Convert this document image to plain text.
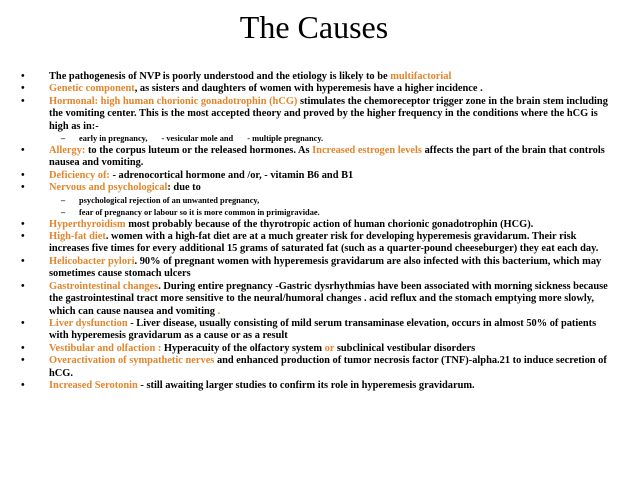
The Causes
• The pathogenesis of NVP is poorly understood and the etiology is likely to be multifactorial
• Genetic component, as sisters and daughters of women with hyperemesis have a higher incidence .
• Hormonal: high human chorionic gonadotrophin (hCG) stimulates the chemoreceptor trigger zone in the brain stem including the vomiting center. This is the most accepted theory and proved by the higher frequency in the conditions where the hCG is high as in:-
– early in pregnancy, - vesicular mole and - multiple pregnancy.
• Allergy: to the corpus luteum or the released hormones. As Increased estrogen levels affects the part of the brain that controls nausea and vomiting.
• Deficiency of: - adrenocortical hormone and /or, - vitamin B6 and B1
• Nervous and psychological: due to
– psychological rejection of an unwanted pregnancy,
– fear of pregnancy or labour so it is more common in primigravidae.
• Hyperthyroidism most probably because of the thyrotropic action of human chorionic gonadotrophin (HCG).
• High-fat diet. women with a high-fat diet are at a much greater risk for developing hyperemesis gravidarum. Their risk increases five times for every additional 15 grams of saturated fat (such as a quarter-pound cheeseburger) they eat each day.
• Helicobacter pylori. 90% of pregnant women with hyperemesis gravidarum are also infected with this bacterium, which may sometimes cause stomach ulcers
• Gastrointestinal changes. During entire pregnancy -Gastric dysrhythmias have been associated with morning sickness because the gastrointestinal tract more sensitive to the neural/humoral changes . acid reflux and the stomach emptying more slowly, which can cause nausea and vomiting .
• Liver dysfunction - Liver disease, usually consisting of mild serum transaminase elevation, occurs in almost 50% of patients with hyperemesis gravidarum as a cause or as a result
• Vestibular and olfaction : Hyperacuity of the olfactory system or subclinical vestibular disorders
• Overactivation of sympathetic nerves and enhanced production of tumor necrosis factor (TNF)-alpha.21 to induce secretion of hCG.
• Increased Serotonin - still awaiting larger studies to confirm its role in hyperemesis gravidarum.
